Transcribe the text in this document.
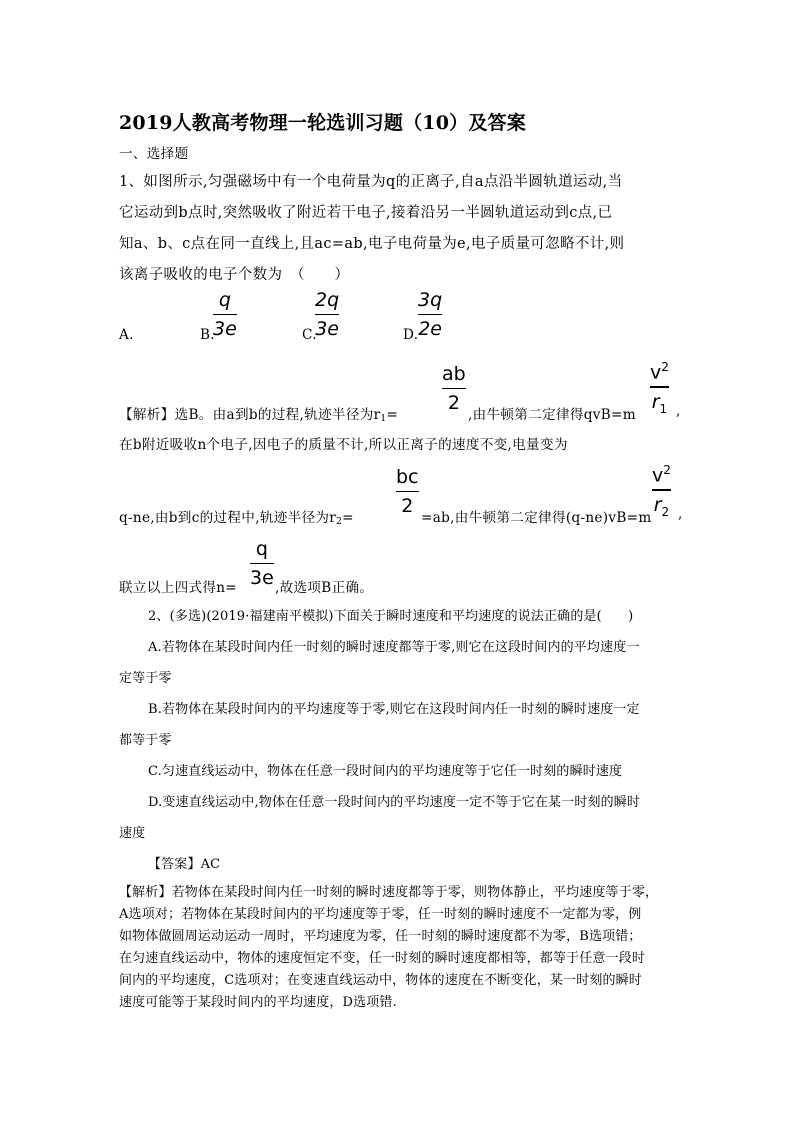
2019人教高考物理一轮选训习题（10）及答案
一、选择题
1、如图所示,匀强磁场中有一个电荷量为q的正离子,自a点沿半圆轨道运动,当
它运动到b点时,突然吸收了附近若干电子,接着沿另一半圆轨道运动到c点,已
知a、b、c点在同一直线上,且ac=ab,电子电荷量为e,电子质量可忽略不计,则
该离子吸收的电子个数为　（　　）
A.	B.
q
3e	C.
2q
3e	D.
3q
2e
【解析】选B。由a到b的过程,轨迹半径为$r_1=$
ab
2
,由牛顿第二定律得qvB=m
$v^2$
$r_1$ ,
在b附近吸收n个电子,因电子的质量不计,所以正离子的速度不变,电量变为
q-ne,由b到c的过程中,轨迹半径为$r_2=$
bc
2
=ab,由牛顿第二定律得(q-ne)vB=m
$v^2$
$r_2$ ,
联立以上四式得n=
q
3e ,故选项B正确。
2、(多选)(2019·福建南平模拟)下面关于瞬时速度和平均速度的说法正确的是(　　)
A.若物体在某段时间内任一时刻的瞬时速度都等于零,则它在这段时间内的平均速度一
定等于零
B.若物体在某段时间内的平均速度等于零,则它在这段时间内任一时刻的瞬时速度一定
都等于零
C.匀速直线运动中，物体在任意一段时间内的平均速度等于它任一时刻的瞬时速度
D.变速直线运动中,物体在任意一段时间内的平均速度一定不等于它在某一时刻的瞬时
速度
【答案】AC
【解析】若物体在某段时间内任一时刻的瞬时速度都等于零，则物体静止，平均速度等于零，
A选项对；若物体在某段时间内的平均速度等于零，任一时刻的瞬时速度不一定都为零，例
如物体做圆周运动运动一周时，平均速度为零，任一时刻的瞬时速度都不为零，B选项错；
在匀速直线运动中，物体的速度恒定不变，任一时刻的瞬时速度都相等，都等于任意一段时
间内的平均速度，C选项对；在变速直线运动中，物体的速度在不断变化，某一时刻的瞬时
速度可能等于某段时间内的平均速度，D选项错.
